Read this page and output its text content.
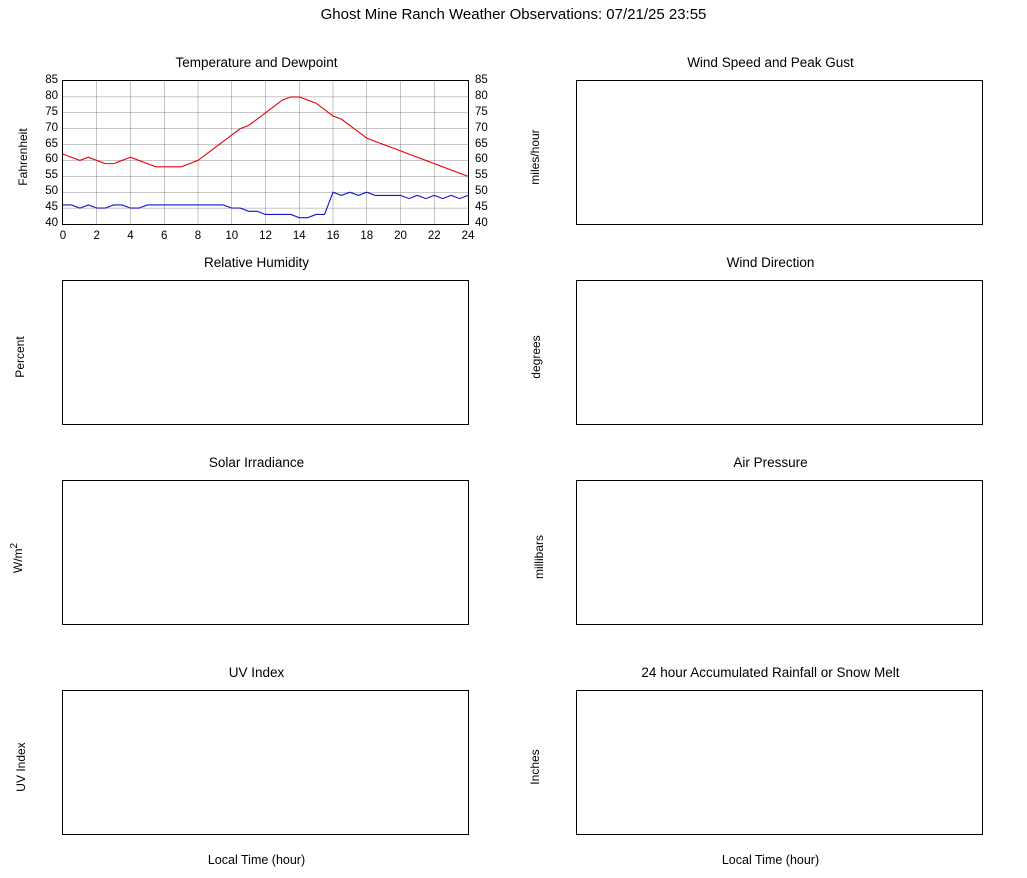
Ghost Mine Ranch Weather Observations: 07/21/25 23:55
Temperature and Dewpoint
Fahrenheit
40
45
50
55
60
65
70
75
80
85
40
45
50
55
60
65
70
75
80
85
0	2	4	6	8	10	12	14	16	18	20	22	24
Wind Speed and Peak Gust
miles/hour
Relative Humidity
Percent
Wind Direction
degrees
Solar Irradiance
$W/m^2$
Air Pressure
millibars
UV Index
UV Index
Local Time (hour)
24 hour Accumulated Rainfall or Snow Melt
Inches
Local Time (hour)
